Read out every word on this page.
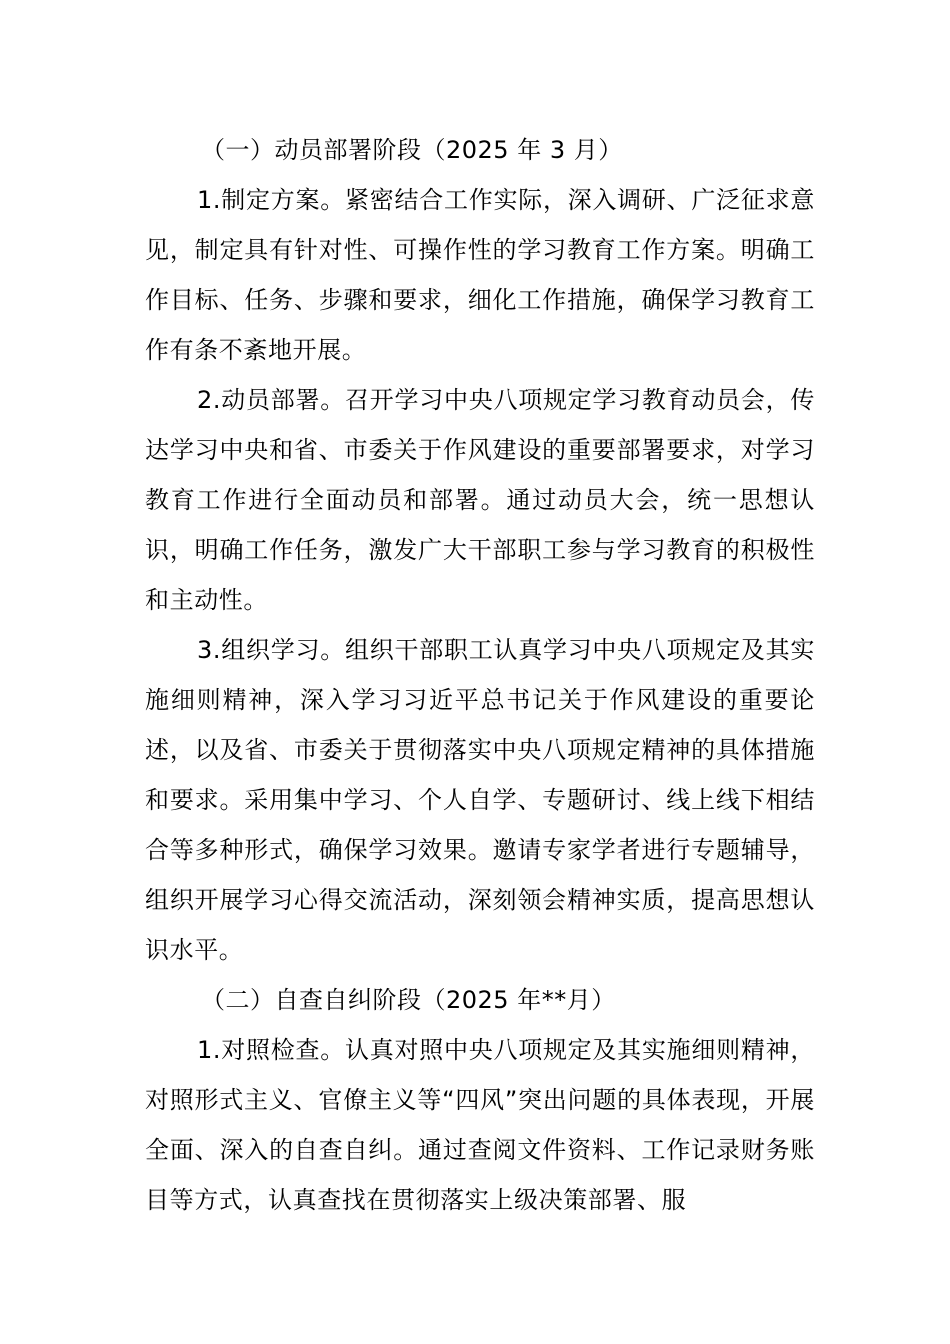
（一）动员部署阶段（2025 年 3 月）

1.制定方案。紧密结合工作实际，深入调研、广泛征求意见，制定具有针对性、可操作性的学习教育工作方案。明确工作目标、任务、步骤和要求，细化工作措施，确保学习教育工作有条不紊地开展。

2.动员部署。召开学习中央八项规定学习教育动员会，传达学习中央和省、市委关于作风建设的重要部署要求，对学习教育工作进行全面动员和部署。通过动员大会，统一思想认识，明确工作任务，激发广大干部职工参与学习教育的积极性和主动性。

3.组织学习。组织干部职工认真学习中央八项规定及其实施细则精神，深入学习习近平总书记关于作风建设的重要论述，以及省、市委关于贯彻落实中央八项规定精神的具体措施和要求。采用集中学习、个人自学、专题研讨、线上线下相结合等多种形式，确保学习效果。邀请专家学者进行专题辅导，组织开展学习心得交流活动，深刻领会精神实质，提高思想认识水平。

（二）自查自纠阶段（2025 年**月）

1.对照检查。认真对照中央八项规定及其实施细则精神，对照形式主义、官僚主义等“四风”突出问题的具体表现，开展全面、深入的自查自纠。通过查阅文件资料、工作记录财务账目等方式，认真查找在贯彻落实上级决策部署、服
